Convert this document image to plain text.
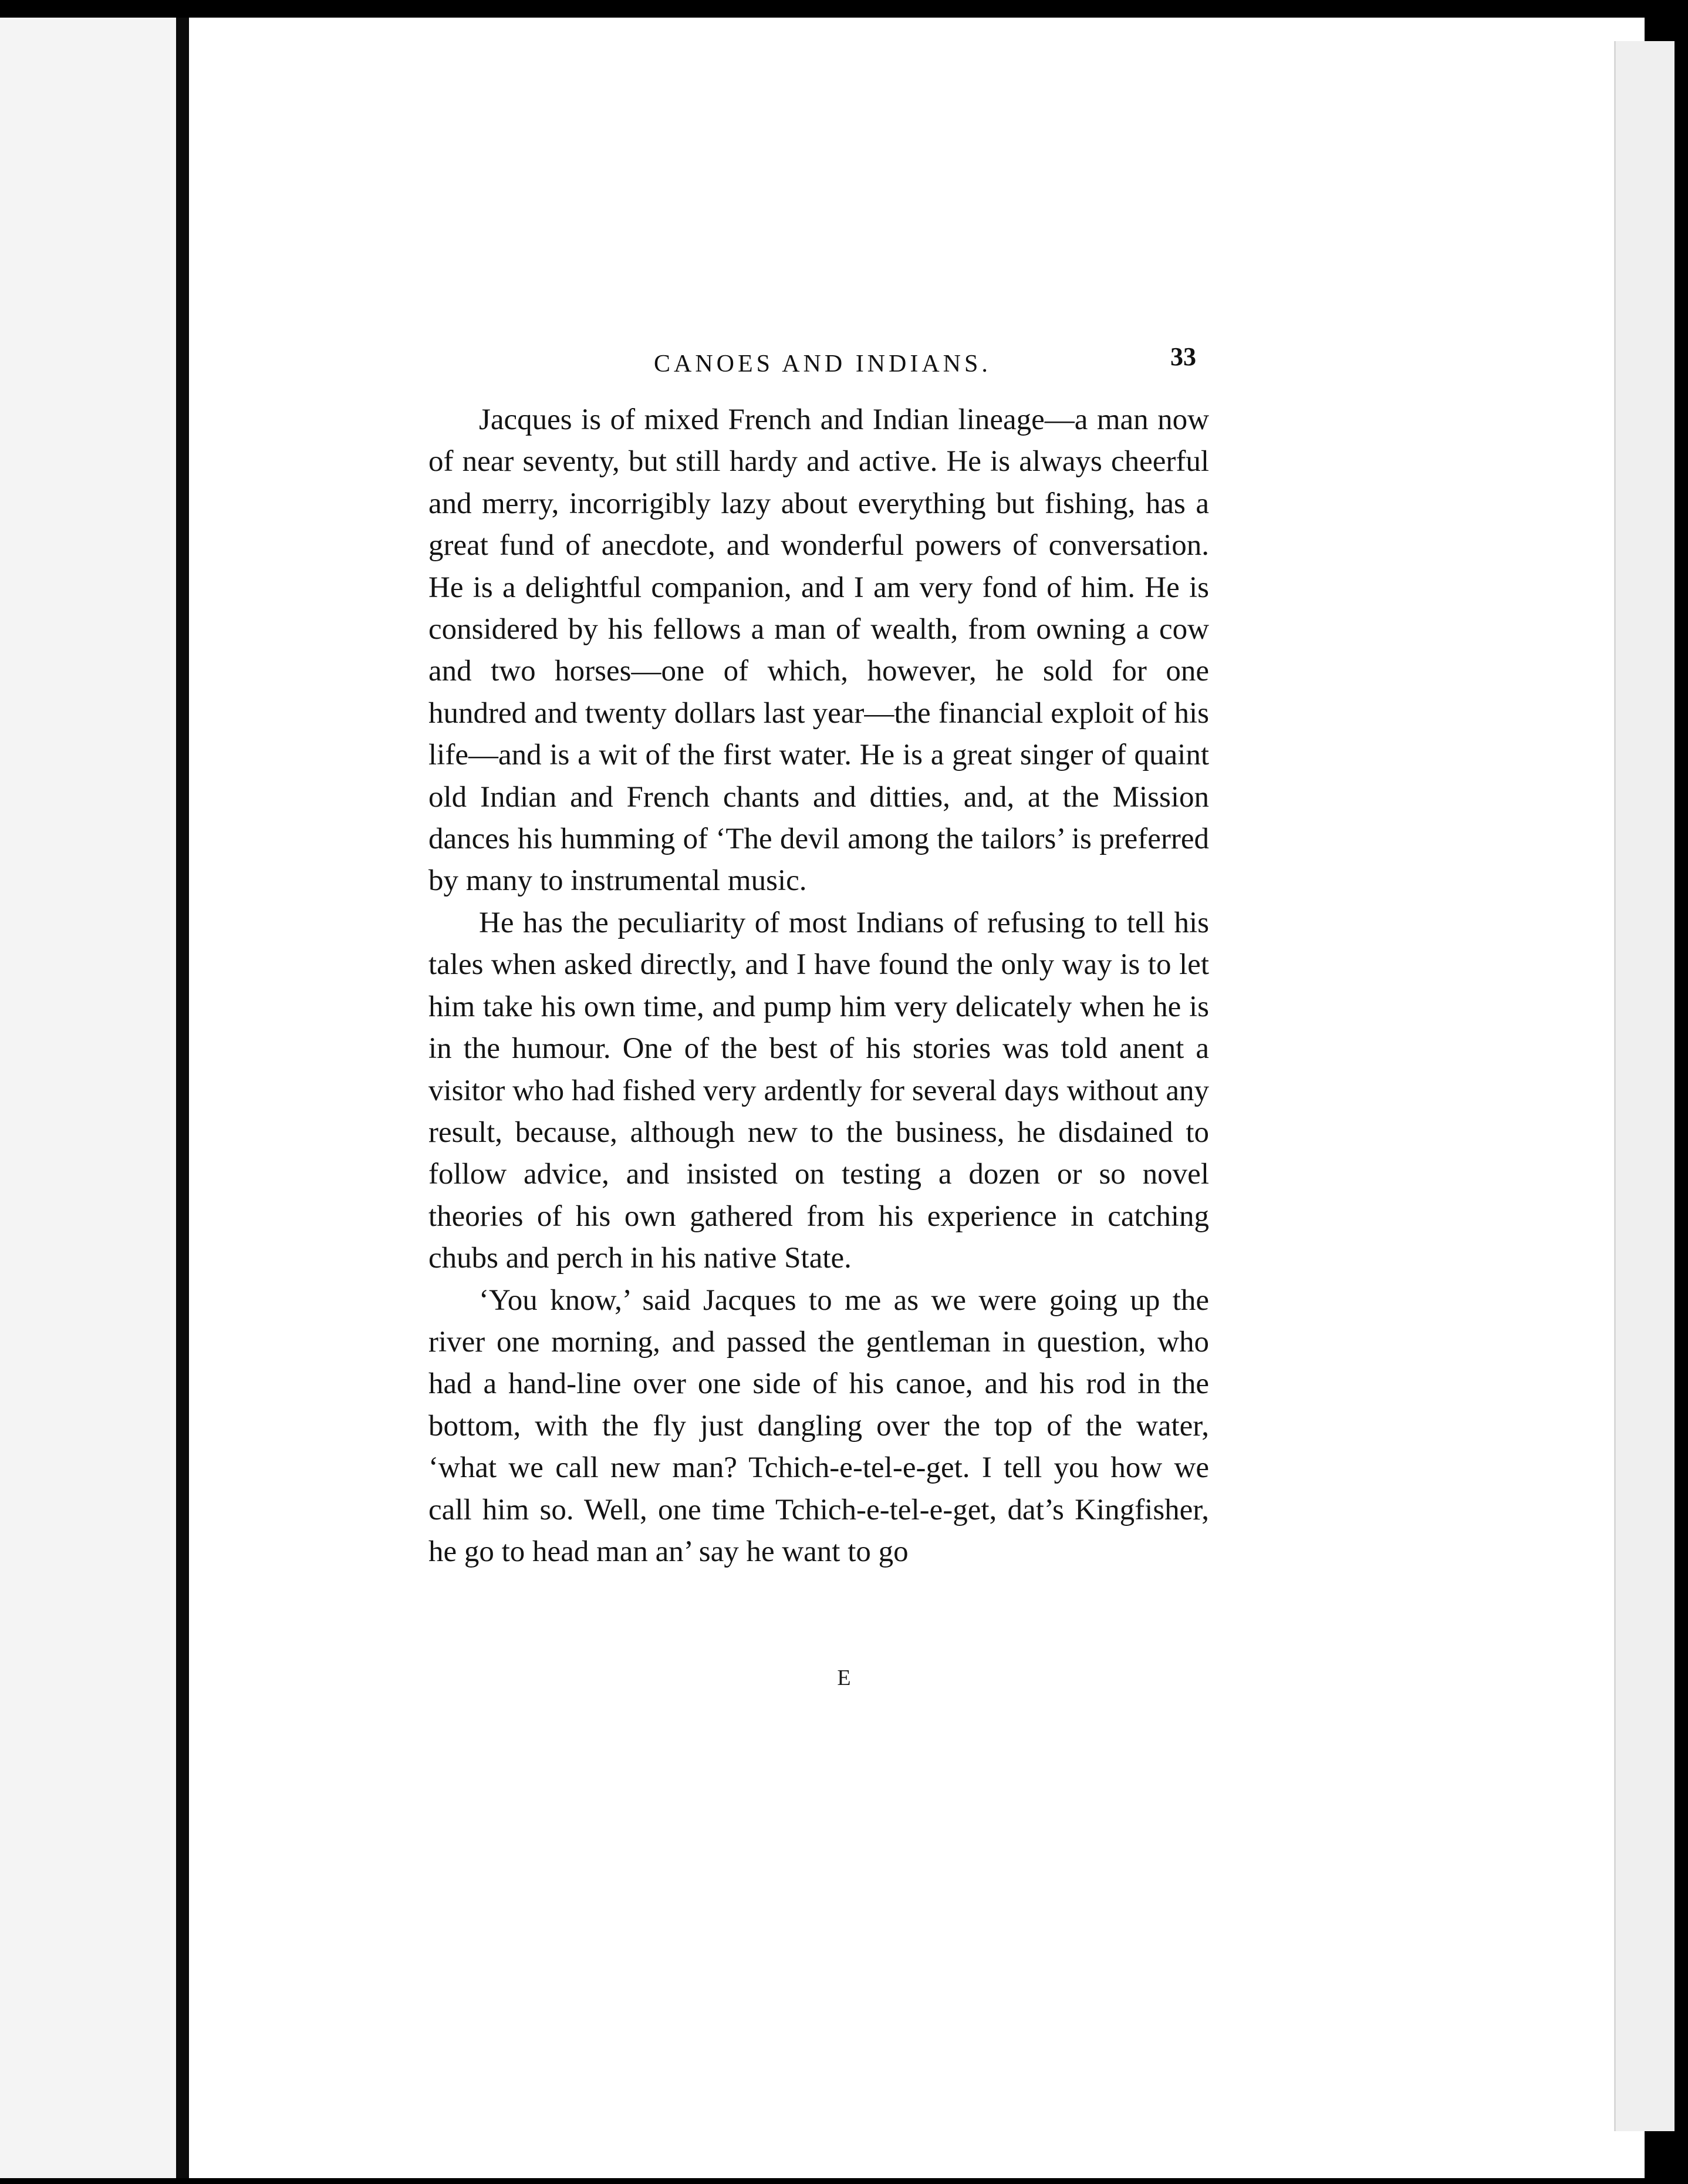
CANOES AND INDIANS.	33

Jacques is of mixed French and Indian lineage—a man now of near seventy, but still hardy and active. He is always cheerful and merry, incorrigibly lazy about everything but fishing, has a great fund of anecdote, and wonderful powers of conversation. He is a delightful companion, and I am very fond of him. He is considered by his fellows a man of wealth, from owning a cow and two horses—one of which, however, he sold for one hundred and twenty dollars last year—the financial exploit of his life—and is a wit of the first water. He is a great singer of quaint old Indian and French chants and ditties, and, at the Mission dances his humming of ‘The devil among the tailors’ is preferred by many to instrumental music.

He has the peculiarity of most Indians of refusing to tell his tales when asked directly, and I have found the only way is to let him take his own time, and pump him very delicately when he is in the humour. One of the best of his stories was told anent a visitor who had fished very ardently for several days without any result, because, although new to the business, he disdained to follow advice, and insisted on testing a dozen or so novel theories of his own gathered from his experience in catching chubs and perch in his native State.

‘You know,’ said Jacques to me as we were going up the river one morning, and passed the gentleman in question, who had a hand-line over one side of his canoe, and his rod in the bottom, with the fly just dangling over the top of the water, ‘what we call new man? Tchich-e-tel-e-get. I tell you how we call him so. Well, one time Tchich-e-tel-e-get, dat’s Kingfisher, he go to head man an’ say he want to go

E
